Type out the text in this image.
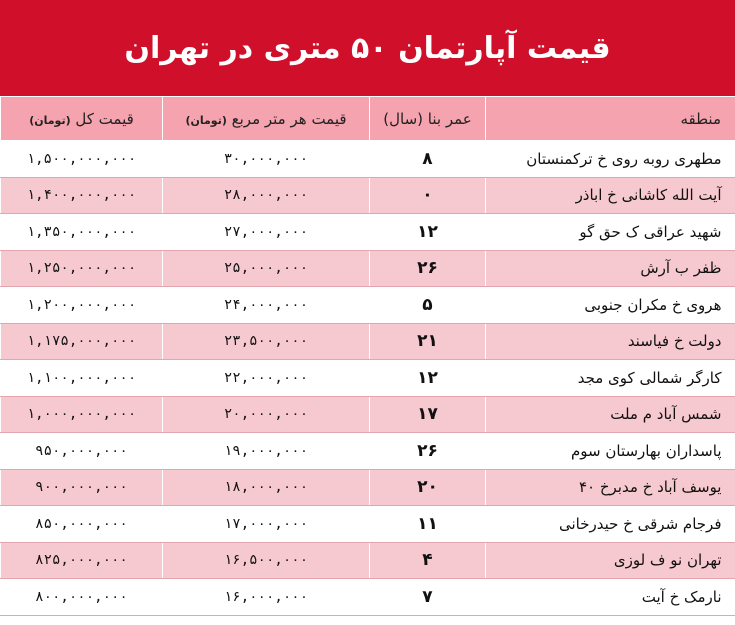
قیمت آپارتمان ۵۰ متری در تهران
منطقه	عمر بنا (سال)	قیمت هر متر مربع (تومان)	قیمت کل (تومان)
مطهری روبه روی خ ترکمنستان	۸	۳۰,۰۰۰,۰۰۰	۱,۵۰۰,۰۰۰,۰۰۰
آیت الله کاشانی خ اباذر	۰	۲۸,۰۰۰,۰۰۰	۱,۴۰۰,۰۰۰,۰۰۰
شهید عراقی ک حق گو	۱۲	۲۷,۰۰۰,۰۰۰	۱,۳۵۰,۰۰۰,۰۰۰
ظفر ب آرش	۲۶	۲۵,۰۰۰,۰۰۰	۱,۲۵۰,۰۰۰,۰۰۰
هروی خ مکران جنوبی	۵	۲۴,۰۰۰,۰۰۰	۱,۲۰۰,۰۰۰,۰۰۰
دولت خ فیاسند	۲۱	۲۳,۵۰۰,۰۰۰	۱,۱۷۵,۰۰۰,۰۰۰
کارگر شمالی کوی مجد	۱۲	۲۲,۰۰۰,۰۰۰	۱,۱۰۰,۰۰۰,۰۰۰
شمس آباد م ملت	۱۷	۲۰,۰۰۰,۰۰۰	۱,۰۰۰,۰۰۰,۰۰۰
پاسداران بهارستان سوم	۲۶	۱۹,۰۰۰,۰۰۰	۹۵۰,۰۰۰,۰۰۰
یوسف آباد خ مدبرخ ۴۰	۲۰	۱۸,۰۰۰,۰۰۰	۹۰۰,۰۰۰,۰۰۰
فرجام شرقی خ حیدرخانی	۱۱	۱۷,۰۰۰,۰۰۰	۸۵۰,۰۰۰,۰۰۰
تهران نو ف لوزی	۴	۱۶,۵۰۰,۰۰۰	۸۲۵,۰۰۰,۰۰۰
نارمک خ آیت	۷	۱۶,۰۰۰,۰۰۰	۸۰۰,۰۰۰,۰۰۰
